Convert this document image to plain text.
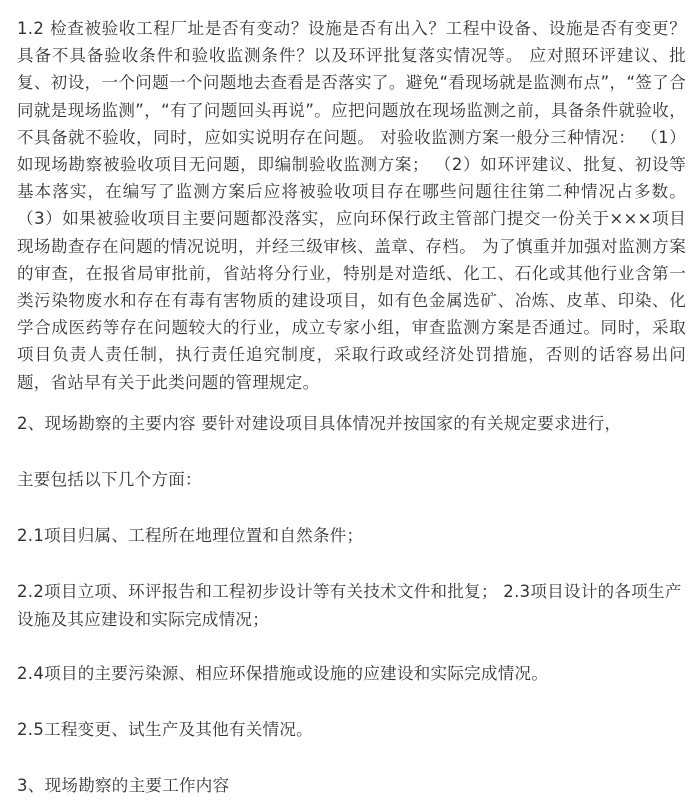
1.2 检查被验收工程厂址是否有变动？设施是否有出入？工程中设备、设施是否有变更？具备不具备验收条件和验收监测条件？以及环评批复落实情况等。 应对照环评建议、批复、初设，一个问题一个问题地去查看是否落实了。避免“看现场就是监测布点”，“签了合同就是现场监测”，“有了问题回头再说”。应把问题放在现场监测之前，具备条件就验收，不具备就不验收，同时，应如实说明存在问题。 对验收监测方案一般分三种情况： （1）如现场勘察被验收项目无问题，即编制验收监测方案； （2）如环评建议、批复、初设等基本落实，在编写了监测方案后应将被验收项目存在哪些问题往往第二种情况占多数。 （3）如果被验收项目主要问题都没落实，应向环保行政主管部门提交一份关于×××项目现场勘查存在问题的情况说明，并经三级审核、盖章、存档。 为了慎重并加强对监测方案的审查，在报省局审批前，省站将分行业，特别是对造纸、化工、石化或其他行业含第一类污染物废水和存在有毒有害物质的建设项目，如有色金属选矿、冶炼、皮革、印染、化学合成医药等存在问题较大的行业，成立专家小组，审查监测方案是否通过。同时，采取项目负责人责任制，执行责任追究制度，采取行政或经济处罚措施，否则的话容易出问题，省站早有关于此类问题的管理规定。

2、现场勘察的主要内容 要针对建设项目具体情况并按国家的有关规定要求进行，

主要包括以下几个方面：

2.1项目归属、工程所在地理位置和自然条件；

2.2项目立项、环评报告和工程初步设计等有关技术文件和批复； 2.3项目设计的各项生产设施及其应建设和实际完成情况；

2.4项目的主要污染源、相应环保措施或设施的应建设和实际完成情况。

2.5工程变更、试生产及其他有关情况。

3、现场勘察的主要工作内容
